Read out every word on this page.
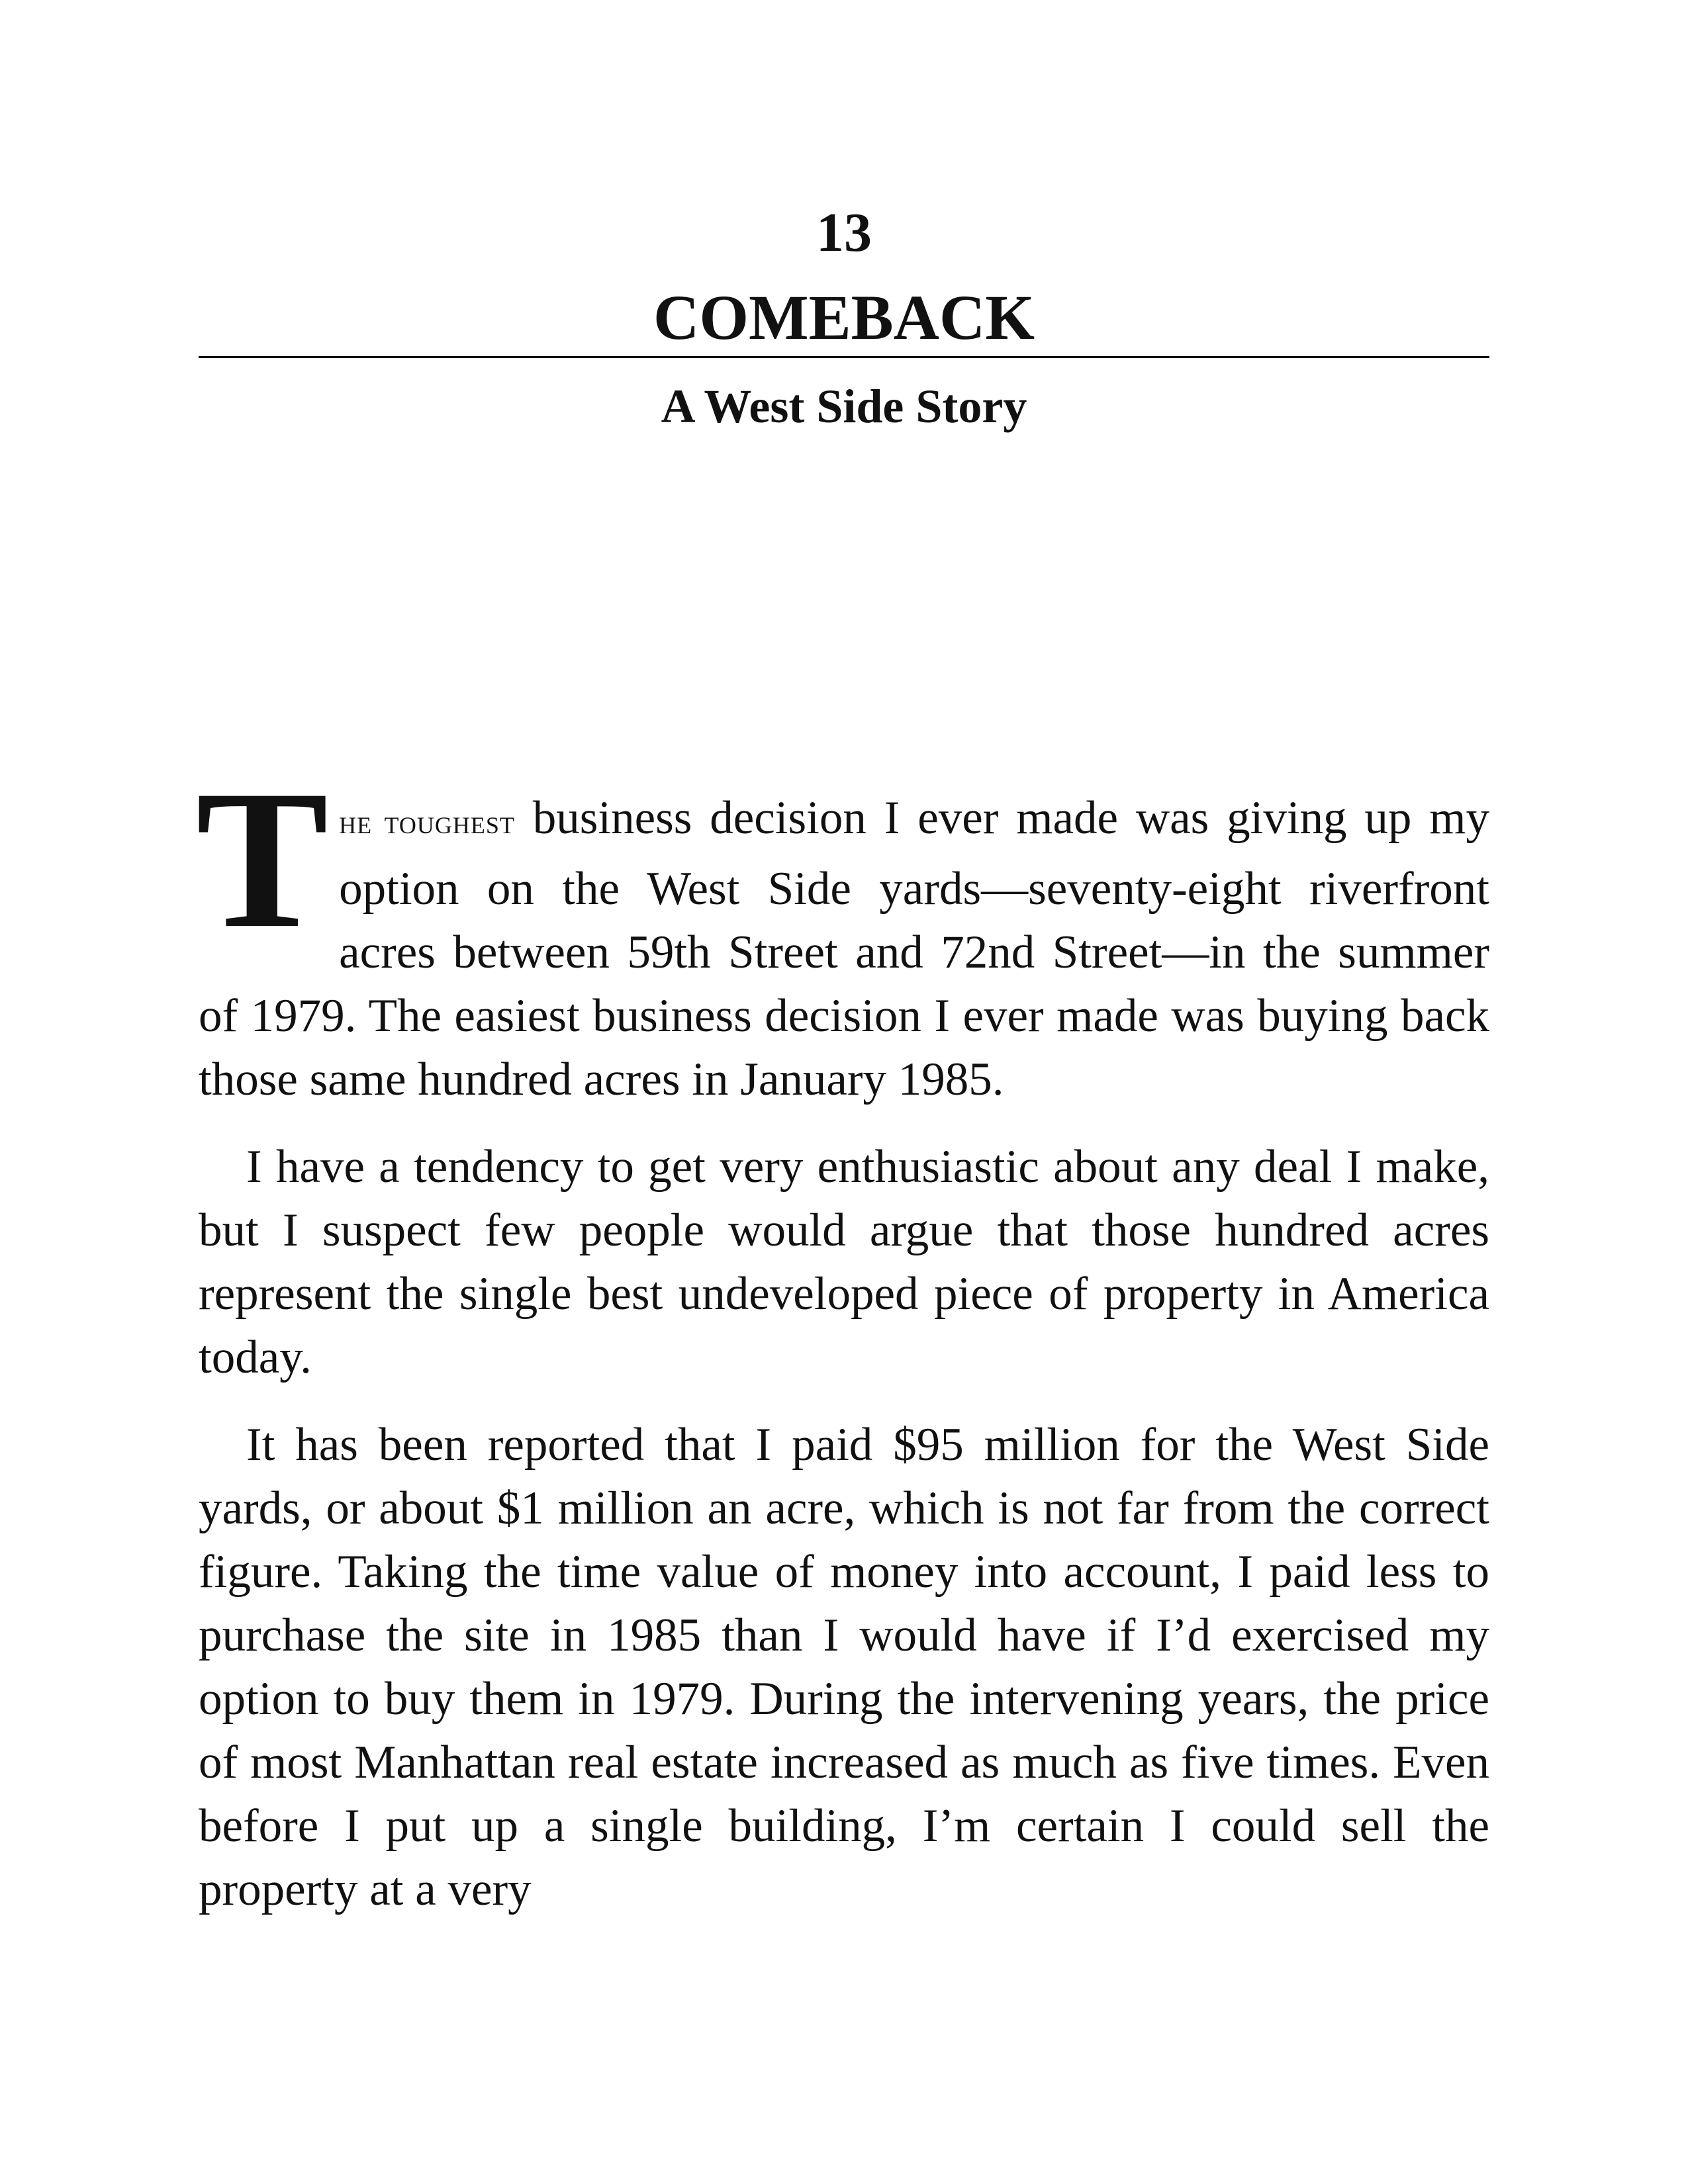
13
COMEBACK
A West Side Story

THE TOUGHEST business decision I ever made was giving up my option on the West Side yards—seventy-eight riverfront acres between 59th Street and 72nd Street—in the summer of 1979. The easiest business decision I ever made was buying back those same hundred acres in January 1985.

I have a tendency to get very enthusiastic about any deal I make, but I suspect few people would argue that those hundred acres represent the single best undeveloped piece of property in America today.

It has been reported that I paid $95 million for the West Side yards, or about $1 million an acre, which is not far from the correct figure. Taking the time value of money into account, I paid less to purchase the site in 1985 than I would have if I’d exercised my option to buy them in 1979. During the intervening years, the price of most Manhattan real estate increased as much as five times. Even before I put up a single building, I’m certain I could sell the property at a very
